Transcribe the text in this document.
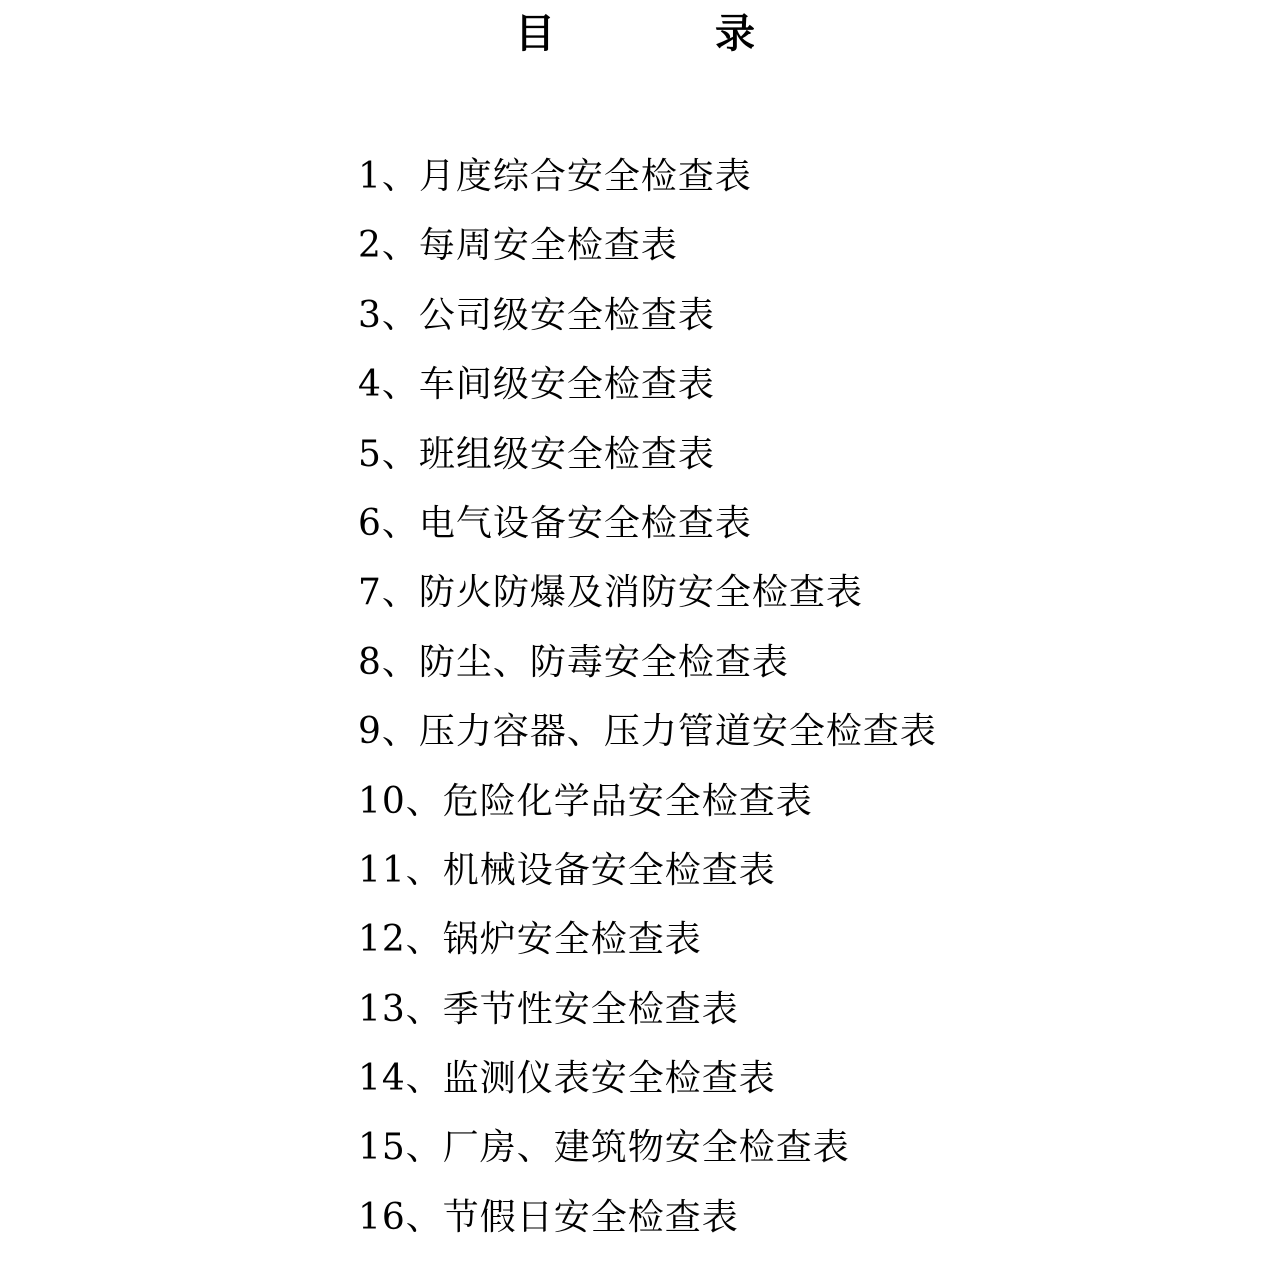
目　录
1、月度综合安全检查表
2、每周安全检查表
3、公司级安全检查表
4、车间级安全检查表
5、班组级安全检查表
6、电气设备安全检查表
7、防火防爆及消防安全检查表
8、防尘、防毒安全检查表
9、压力容器、压力管道安全检查表
10、危险化学品安全检查表
11、机械设备安全检查表
12、锅炉安全检查表
13、季节性安全检查表
14、监测仪表安全检查表
15、厂房、建筑物安全检查表
16、节假日安全检查表
